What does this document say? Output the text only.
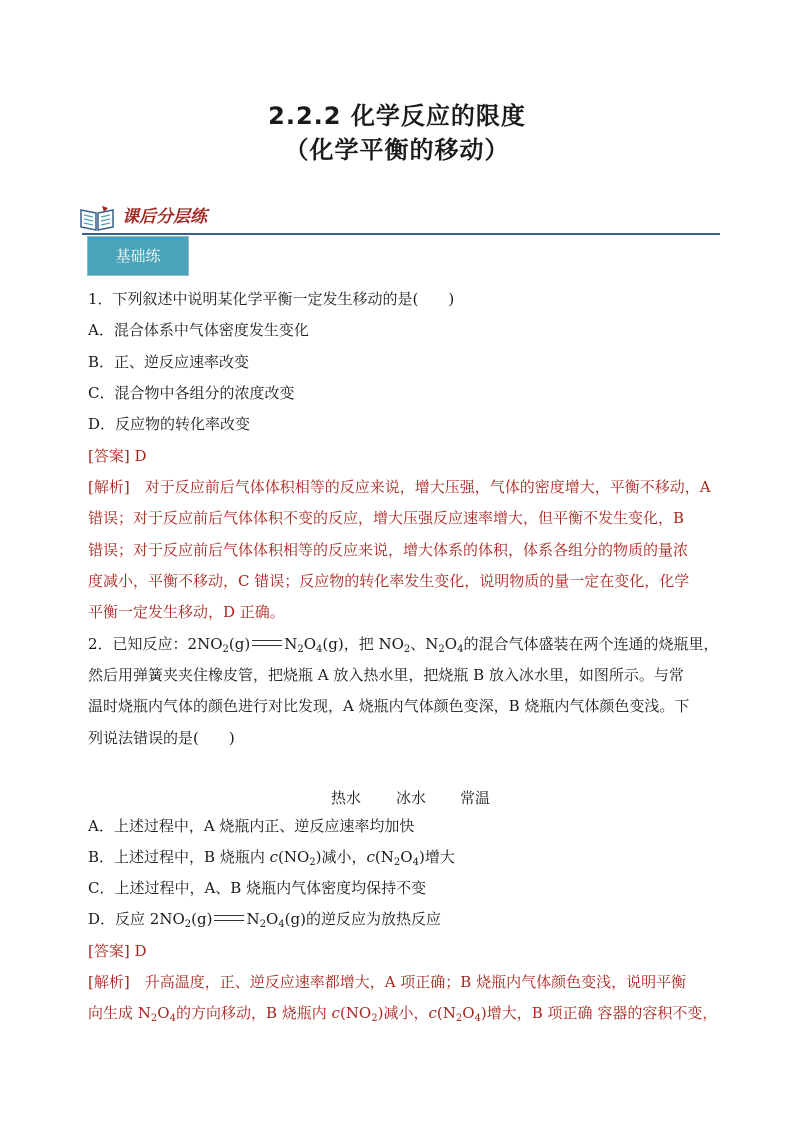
2.2.2 化学反应的限度
（化学平衡的移动）
课后分层练
基础练
1．下列叙述中说明某化学平衡一定发生移动的是(　　)
A．混合体系中气体密度发生变化
B．正、逆反应速率改变
C．混合物中各组分的浓度改变
D．反应物的转化率改变
[答案] D
[解析]　对于反应前后气体体积相等的反应来说，增大压强，气体的密度增大，平衡不移动，A
错误；对于反应前后气体体积不变的反应，增大压强反应速率增大，但平衡不发生变化，B
错误；对于反应前后气体体积相等的反应来说，增大体系的体积，体系各组分的物质的量浓
度减小，平衡不移动，C 错误；反应物的转化率发生变化，说明物质的量一定在变化，化学
平衡一定发生移动，D 正确。
2．已知反应：$2NO_2(g)$ $N_2O_4(g)$，把 $NO_2$、$N_2O_4$的混合气体盛装在两个连通的烧瓶里，
然后用弹簧夹夹住橡皮管，把烧瓶 A 放入热水里，把烧瓶 B 放入冰水里，如图所示。与常
温时烧瓶内气体的颜色进行对比发现，A 烧瓶内气体颜色变深，B 烧瓶内气体颜色变浅。下
列说法错误的是(　　)
热水 冰水 常温
A．上述过程中，A 烧瓶内正、逆反应速率均加快
B．上述过程中，B 烧瓶内 $c(NO_2)$减小，$c(N_2O_4)$增大
C．上述过程中，A、B 烧瓶内气体密度均保持不变
D．反应 $2NO_2(g)$ $N_2O_4(g)$的逆反应为放热反应
[答案] D
[解析]　升高温度，正、逆反应速率都增大，A 项正确；B 烧瓶内气体颜色变浅，说明平衡
向生成 $N_2O_4$的方向移动，B 烧瓶内 $c(NO_2)$减小，$c(N_2O_4)$增大，B 项正确 容器的容积不变，
